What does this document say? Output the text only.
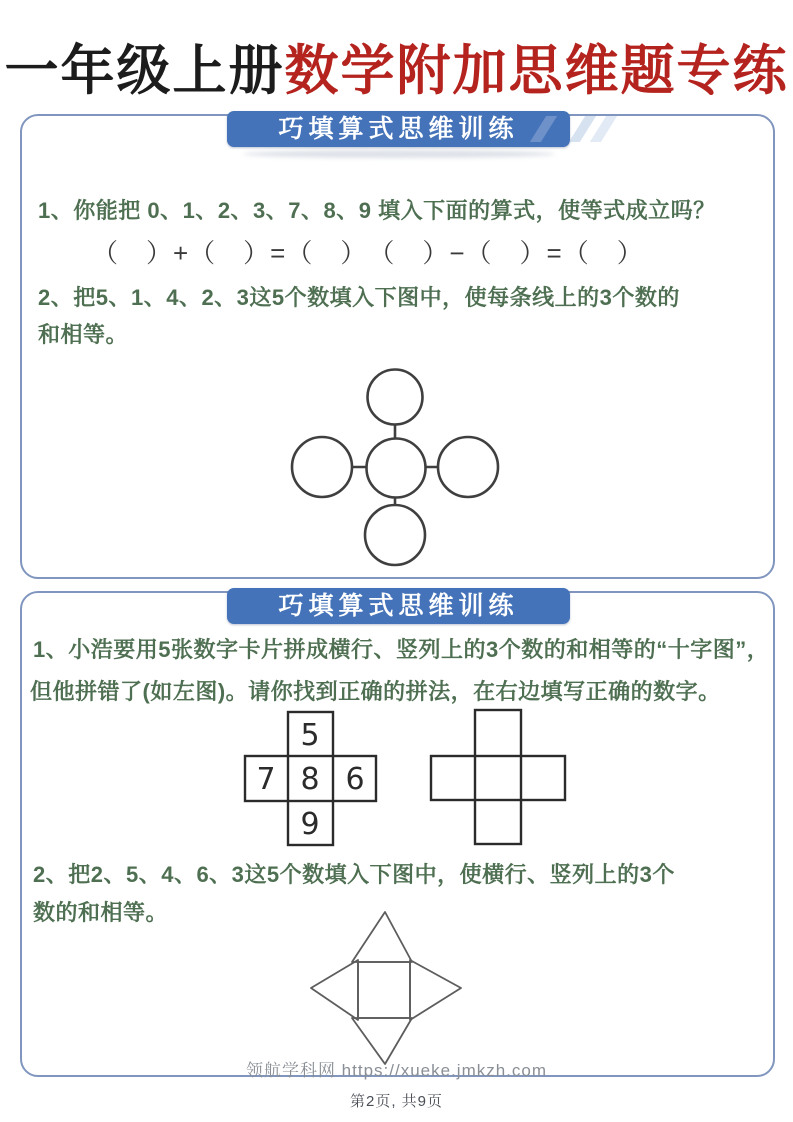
一年级上册数学附加思维题专练
巧填算式思维训练
1、你能把 0、1、2、3、7、8、9 填入下面的算式，使等式成立吗？
（　）+（　）=（　）　（　）−（　）=（　）
2、把5、1、4、2、3这5个数填入下图中，使每条线上的3个数的
和相等。
巧填算式思维训练
1、小浩要用5张数字卡片拼成横行、竖列上的3个数的和相等的“十字图”，
但他拼错了(如左图)。请你找到正确的拼法，在右边填写正确的数字。
5
7 8 6
9
2、把2、5、4、6、3这5个数填入下图中，使横行、竖列上的3个
数的和相等。
领航学科网 https://xueke.jmkzh.com
第2页, 共9页
